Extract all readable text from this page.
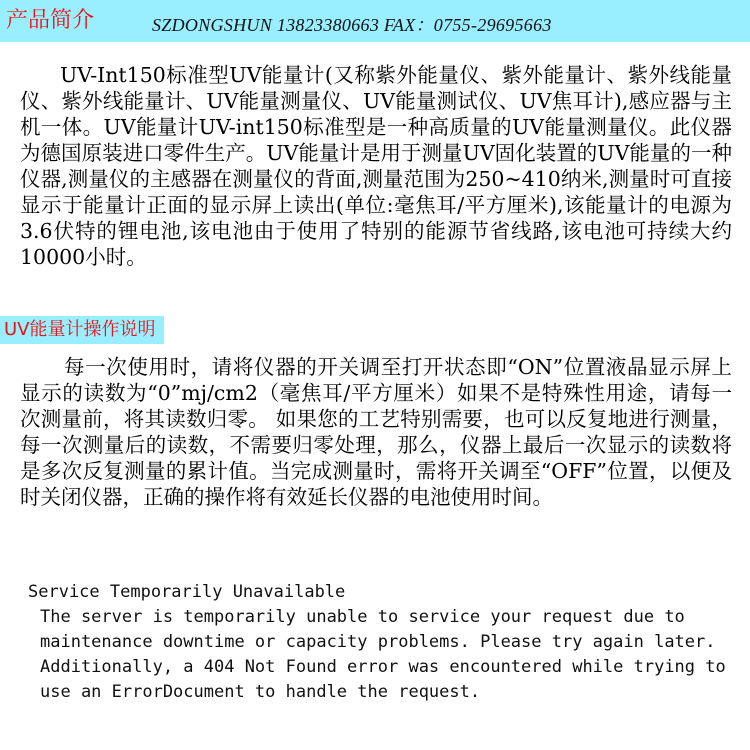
产品简介	SZDONGSHUN 13823380663 FAX：0755-29695663

UV-Int150标准型UV能量计(又称紫外能量仪、紫外能量计、紫外线能量仪、紫外线能量计、UV能量测量仪、UV能量测试仪、UV焦耳计),感应器与主机一体。UV能量计UV-int150标准型是一种高质量的UV能量测量仪。此仪器为德国原装进口零件生产。UV能量计是用于测量UV固化装置的UV能量的一种仪器,测量仪的主感器在测量仪的背面,测量范围为250~410纳米,测量时可直接显示于能量计正面的显示屏上读出(单位:毫焦耳/平方厘米),该能量计的电源为3.6伏特的锂电池,该电池由于使用了特别的能源节省线路,该电池可持续大约10000小时。

UV能量计操作说明

每一次使用时，请将仪器的开关调至打开状态即“ON”位置液晶显示屏上显示的读数为“0”mj/cm2（毫焦耳/平方厘米）如果不是特殊性用途，请每一次测量前，将其读数归零。 如果您的工艺特别需要，也可以反复地进行测量，每一次测量后的读数，不需要归零处理，那么，仪器上最后一次显示的读数将是多次反复测量的累计值。当完成测量时，需将开关调至“OFF”位置，以便及时关闭仪器，正确的操作将有效延长仪器的电池使用时间。

Service Temporarily Unavailable

The server is temporarily unable to service your request due to maintenance downtime or capacity problems. Please try again later.

Additionally, a 404 Not Found error was encountered while trying to use an ErrorDocument to handle the request.
